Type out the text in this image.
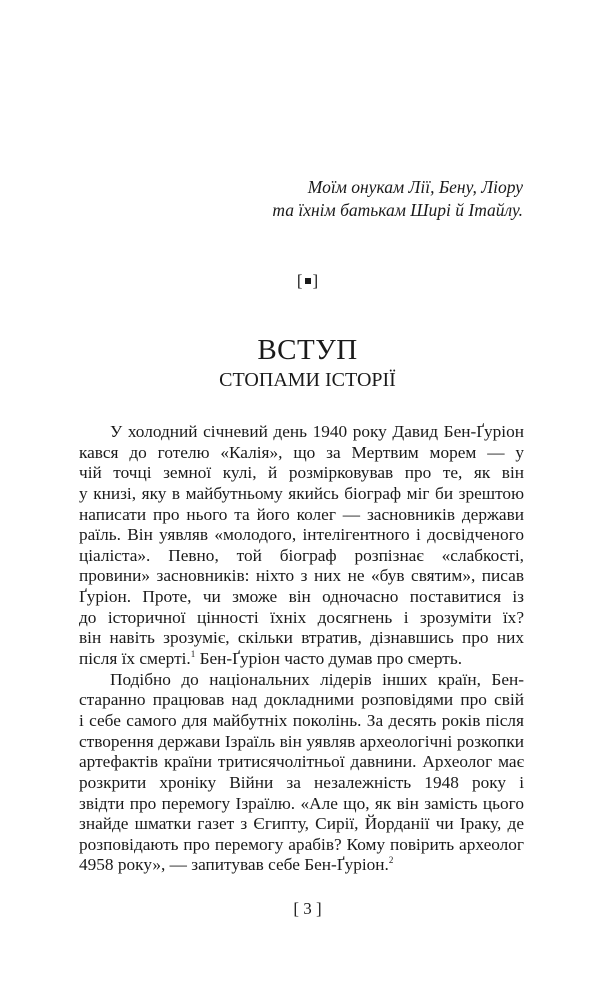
Моїм онукам Лії, Бену, Ліору
та їхнім батькам Ширі й Ітайлу.
[ ]
ВСТУП
СТОПАМИ ІСТОРІЇ
У холодний січневий день 1940 року Давид Бен-Ґуріон
кався до готелю «Калія», що за Мертвим морем — у
чій точці земної кулі, й розмірковував про те, як він
у книзі, яку в майбутньому якийсь біограф міг би зрештою
написати про нього та його колег — засновників держави
раїль. Він уявляв «молодого, інтелігентного і досвідченого
ціаліста». Певно, той біограф розпізнає «слабкості,
провини» засновників: ніхто з них не «був святим», писав
Ґуріон. Проте, чи зможе він одночасно поставитися із
до історичної цінності їхніх досягнень і зрозуміти їх?
він навіть зрозуміє, скільки втратив, дізнавшись про них
після їх смерті.$^1$ Бен-Ґуріон часто думав про смерть.
Подібно до національних лідерів інших країн, Бен-
старанно працював над докладними розповідями про свій
і себе самого для майбутніх поколінь. За десять років після
створення держави Ізраїль він уявляв археологічні розкопки
артефактів країни тритисячолітньої давнини. Археолог має
розкрити хроніку Війни за незалежність 1948 року і
звідти про перемогу Ізраїлю. «Але що, як він замість цього
знайде шматки газет з Єгипту, Сирії, Йорданії чи Іраку, де
розповідають про перемогу арабів? Кому повірить археолог
4958 року», — запитував себе Бен-Ґуріон.$^2$
[ 3 ]
